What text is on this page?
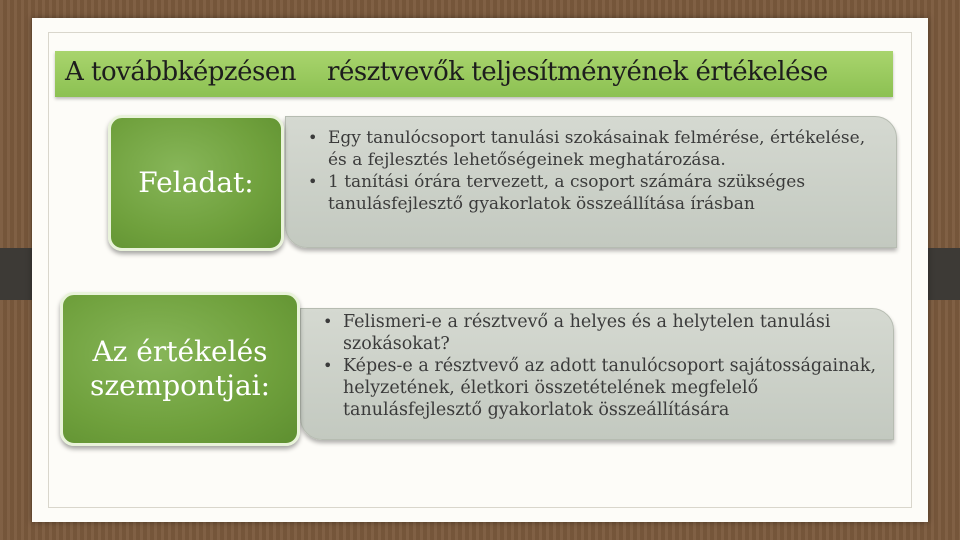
A továbbképzésen    résztvevők teljesítményének értékelése
• Egy tanulócsoport tanulási szokásainak felmérése, értékelése, és a fejlesztés lehetőségeinek meghatározása.
• 1 tanítási órára tervezett, a csoport számára szükséges tanulásfejlesztő gyakorlatok összeállítása írásban
Feladat:
• Felismeri-e a résztvevő a helyes és a helytelen tanulási szokásokat?
• Képes-e a résztvevő az adott tanulócsoport sajátosságainak, helyzetének, életkori összetételének megfelelő tanulásfejlesztő gyakorlatok összeállítására
Az értékelés
szempontjai:
